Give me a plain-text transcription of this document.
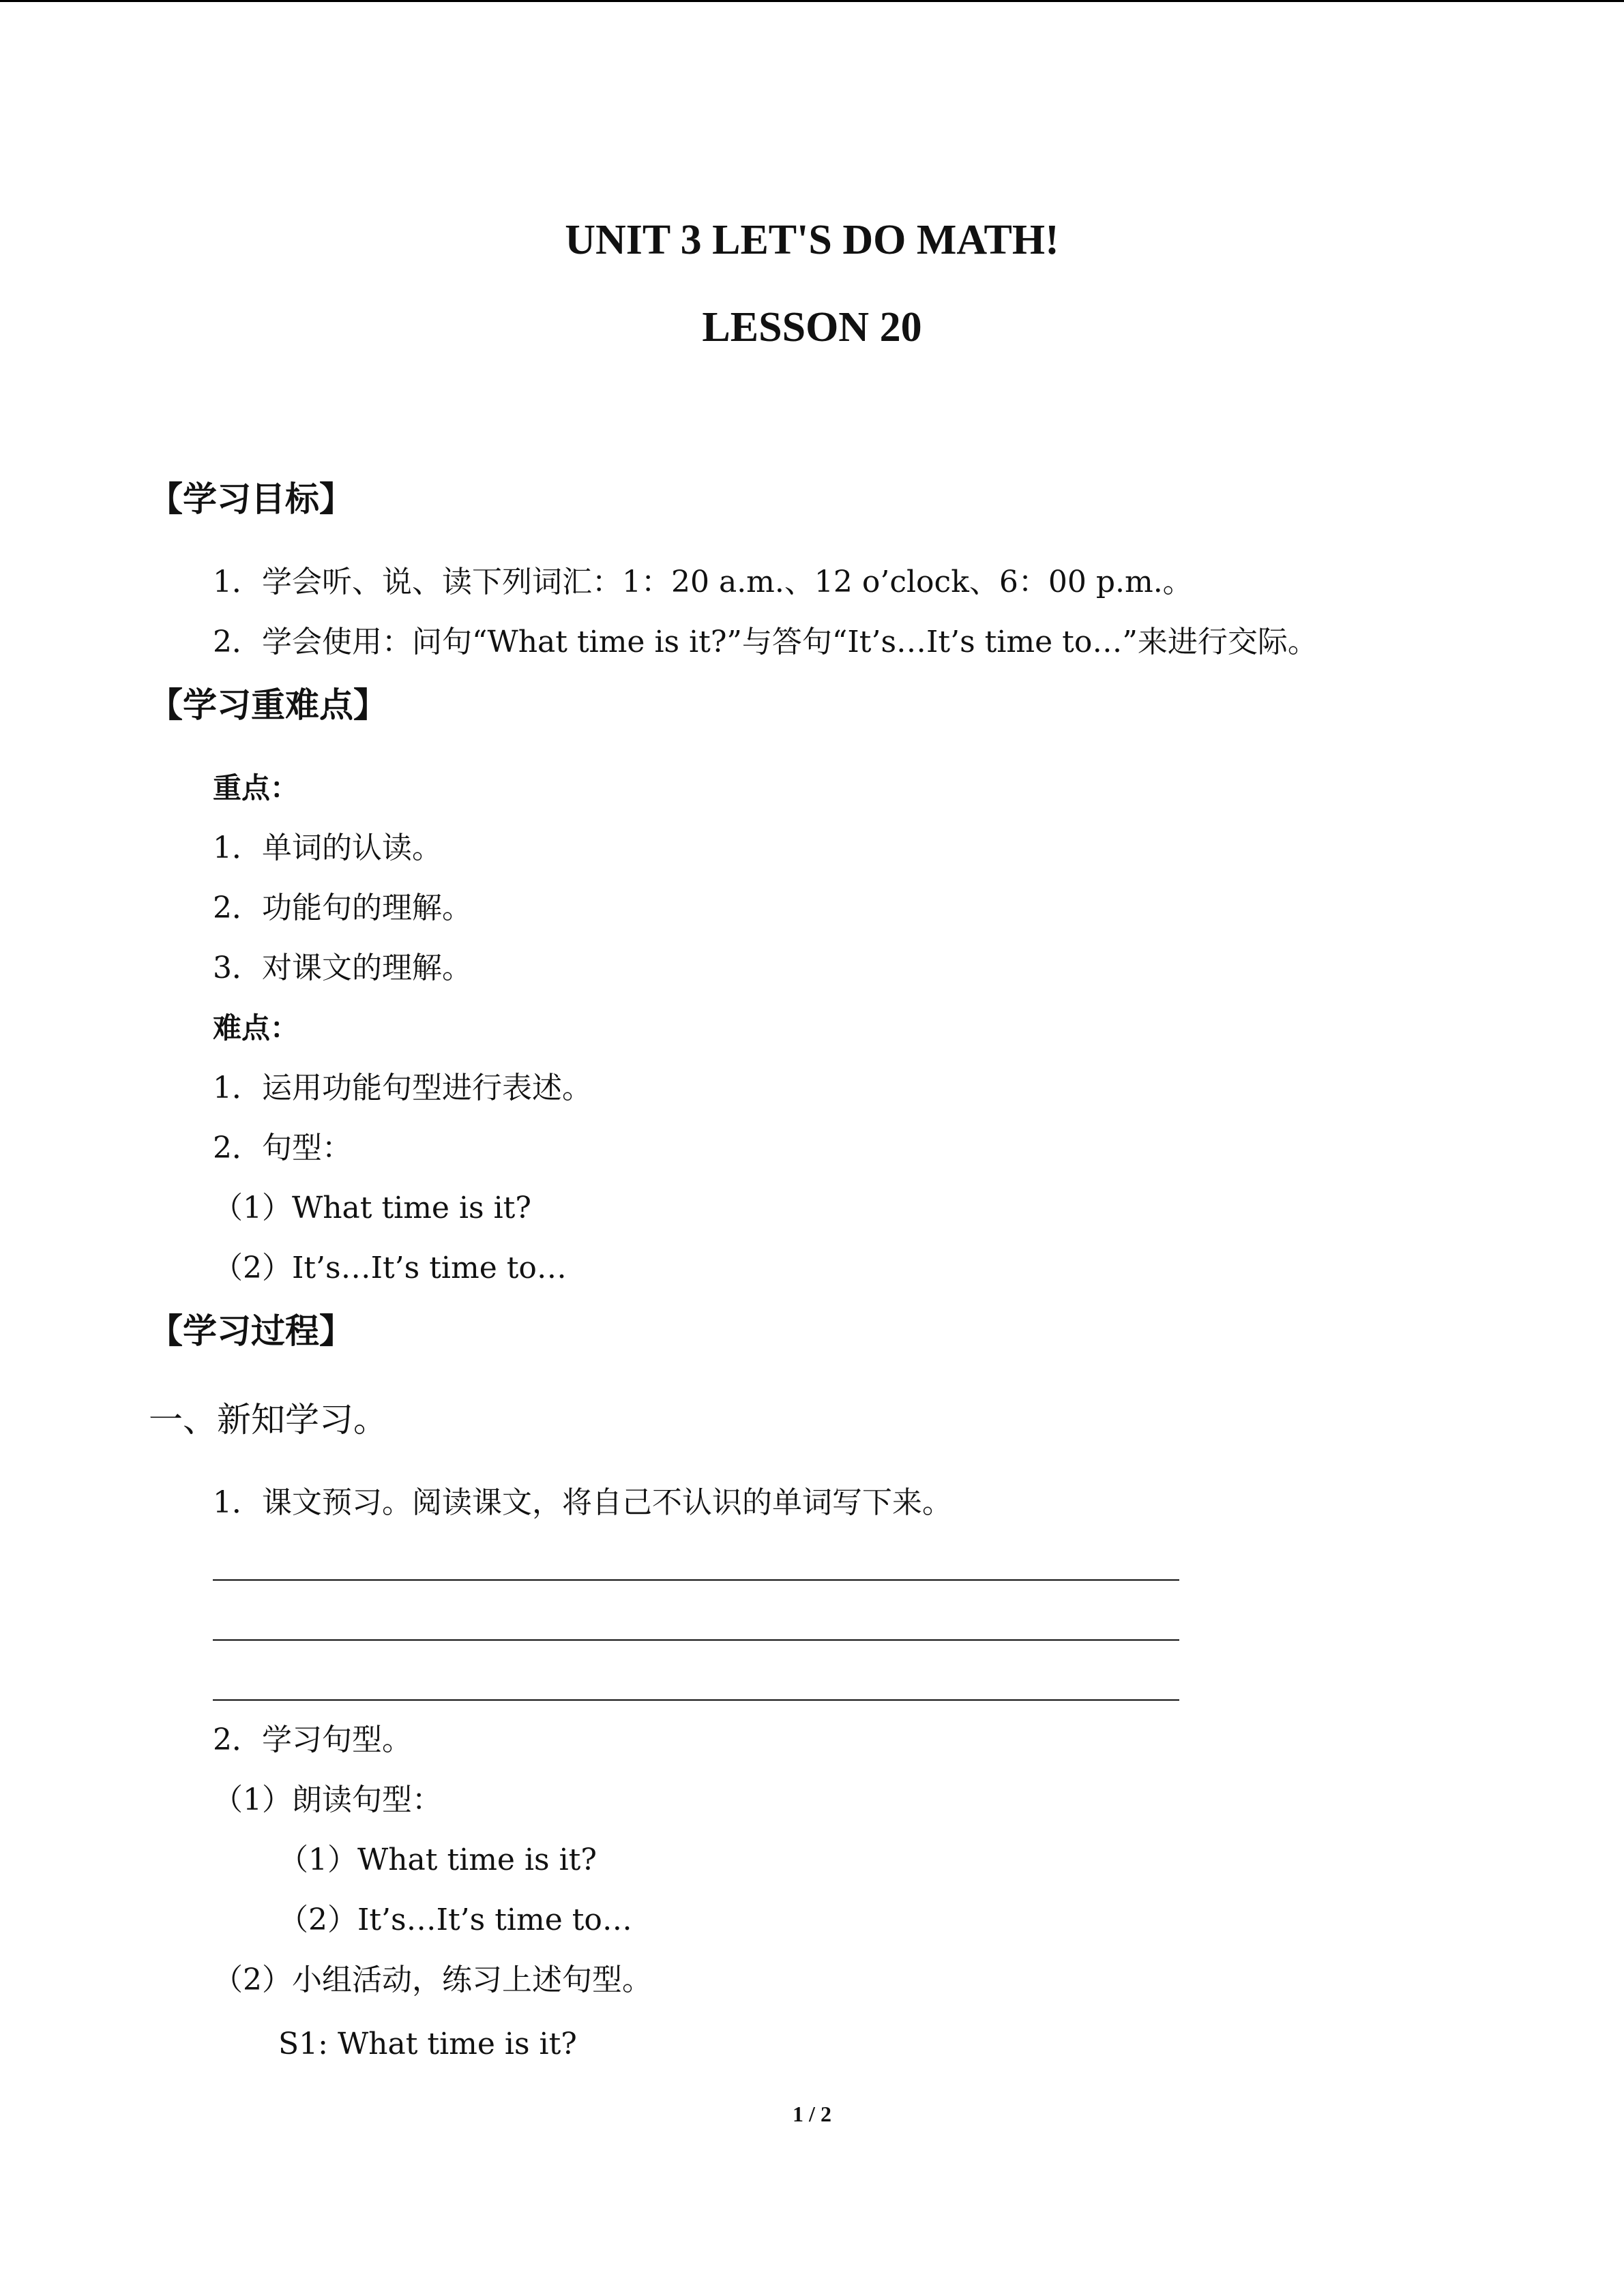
UNIT 3 LET'S DO MATH!
LESSON 20
【学习目标】
1．学会听、说、读下列词汇：1：20 a.m.、12 o’clock、6：00 p.m.。
2．学会使用：问句“What time is it?”与答句“It’s…It’s time to…”来进行交际。
【学习重难点】
重点：
1．单词的认读。
2．功能句的理解。
3．对课文的理解。
难点：
1．运用功能句型进行表述。
2．句型：
（1）What time is it?
（2）It’s…It’s time to…
【学习过程】
一、新知学习。
1．课文预习。阅读课文，将自己不认识的单词写下来。
2．学习句型。
（1）朗读句型：
（1）What time is it?
（2）It’s…It’s time to…
（2）小组活动，练习上述句型。
S1: What time is it?
1 / 2
